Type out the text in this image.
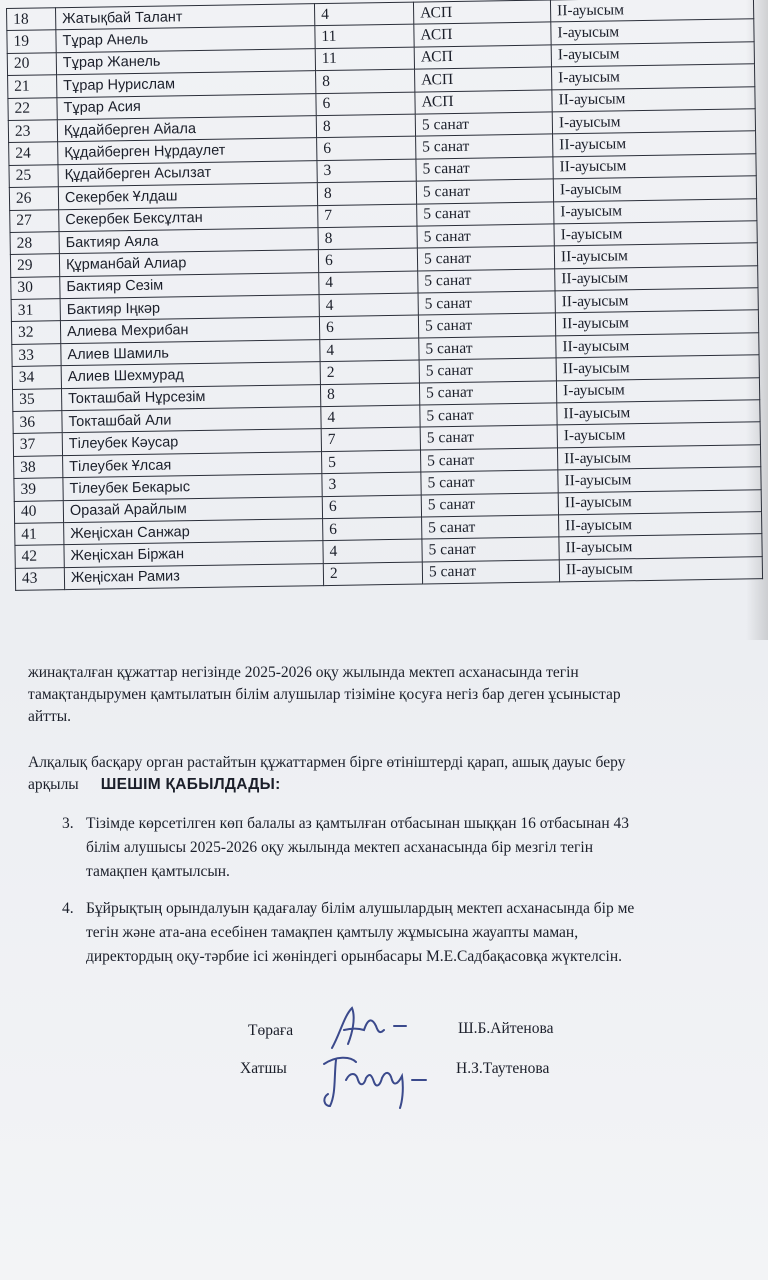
18	Жатықбай Талант	4	АСП	II-ауысым
19	Тұрар Анель	11	АСП	I-ауысым
20	Тұрар Жанель	11	АСП	I-ауысым
21	Тұрар Нурислам	8	АСП	I-ауысым
22	Тұрар Асия	6	АСП	II-ауысым
23	Құдайберген Айала	8	5 санат	I-ауысым
24	Құдайберген Нұрдаулет	6	5 санат	II-ауысым
25	Құдайберген Асылзат	3	5 санат	II-ауысым
26	Секербек Ұлдаш	8	5 санат	I-ауысым
27	Секербек Бексұлтан	7	5 санат	I-ауысым
28	Бактияр Аяла	8	5 санат	I-ауысым
29	Құрманбай Алиар	6	5 санат	II-ауысым
30	Бактияр Сезім	4	5 санат	II-ауысым
31	Бактияр Іңкәр	4	5 санат	II-ауысым
32	Алиева Мехрибан	6	5 санат	II-ауысым
33	Алиев Шамиль	4	5 санат	II-ауысым
34	Алиев Шехмурад	2	5 санат	II-ауысым
35	Токташбай Нұрсезім	8	5 санат	I-ауысым
36	Токташбай Али	4	5 санат	II-ауысым
37	Тілеубек Кәусар	7	5 санат	I-ауысым
38	Тілеубек Ұлсая	5	5 санат	II-ауысым
39	Тілеубек Бекарыс	3	5 санат	II-ауысым
40	Оразай Арайлым	6	5 санат	II-ауысым
41	Жеңісхан Санжар	6	5 санат	II-ауысым
42	Жеңісхан Біржан	4	5 санат	II-ауысым
43	Жеңісхан Рамиз	2	5 санат	II-ауысым
жинақталған құжаттар негізінде 2025-2026 оқу жылында мектеп асханасында тегін
тамақтандырумен қамтылатын білім алушылар тізіміне қосуға негіз бар деген ұсыныстар
айтты.
Алқалық басқару орган растайтын құжаттармен бірге өтініштерді қарап, ашық дауыс беру
арқылы ШЕШІМ ҚАБЫЛДАДЫ:
3. Тізімде көрсетілген көп балалы аз қамтылған отбасынан шыққан 16 отбасынан 43
білім алушысы 2025-2026 оқу жылында мектеп асханасында бір мезгіл тегін
тамақпен қамтылсын.
4. Бұйрықтың орындалуын қадағалау білім алушылардың мектеп асханасында бір ме
тегін және ата-ана есебінен тамақпен қамтылу жұмысына жауапты маман,
директордың оқу-тәрбие ісі жөніндегі орынбасары М.Е.Садбақасовқа жүктелсін.
Төраға	Ш.Б.Айтенова
Хатшы	Н.З.Таутенова
